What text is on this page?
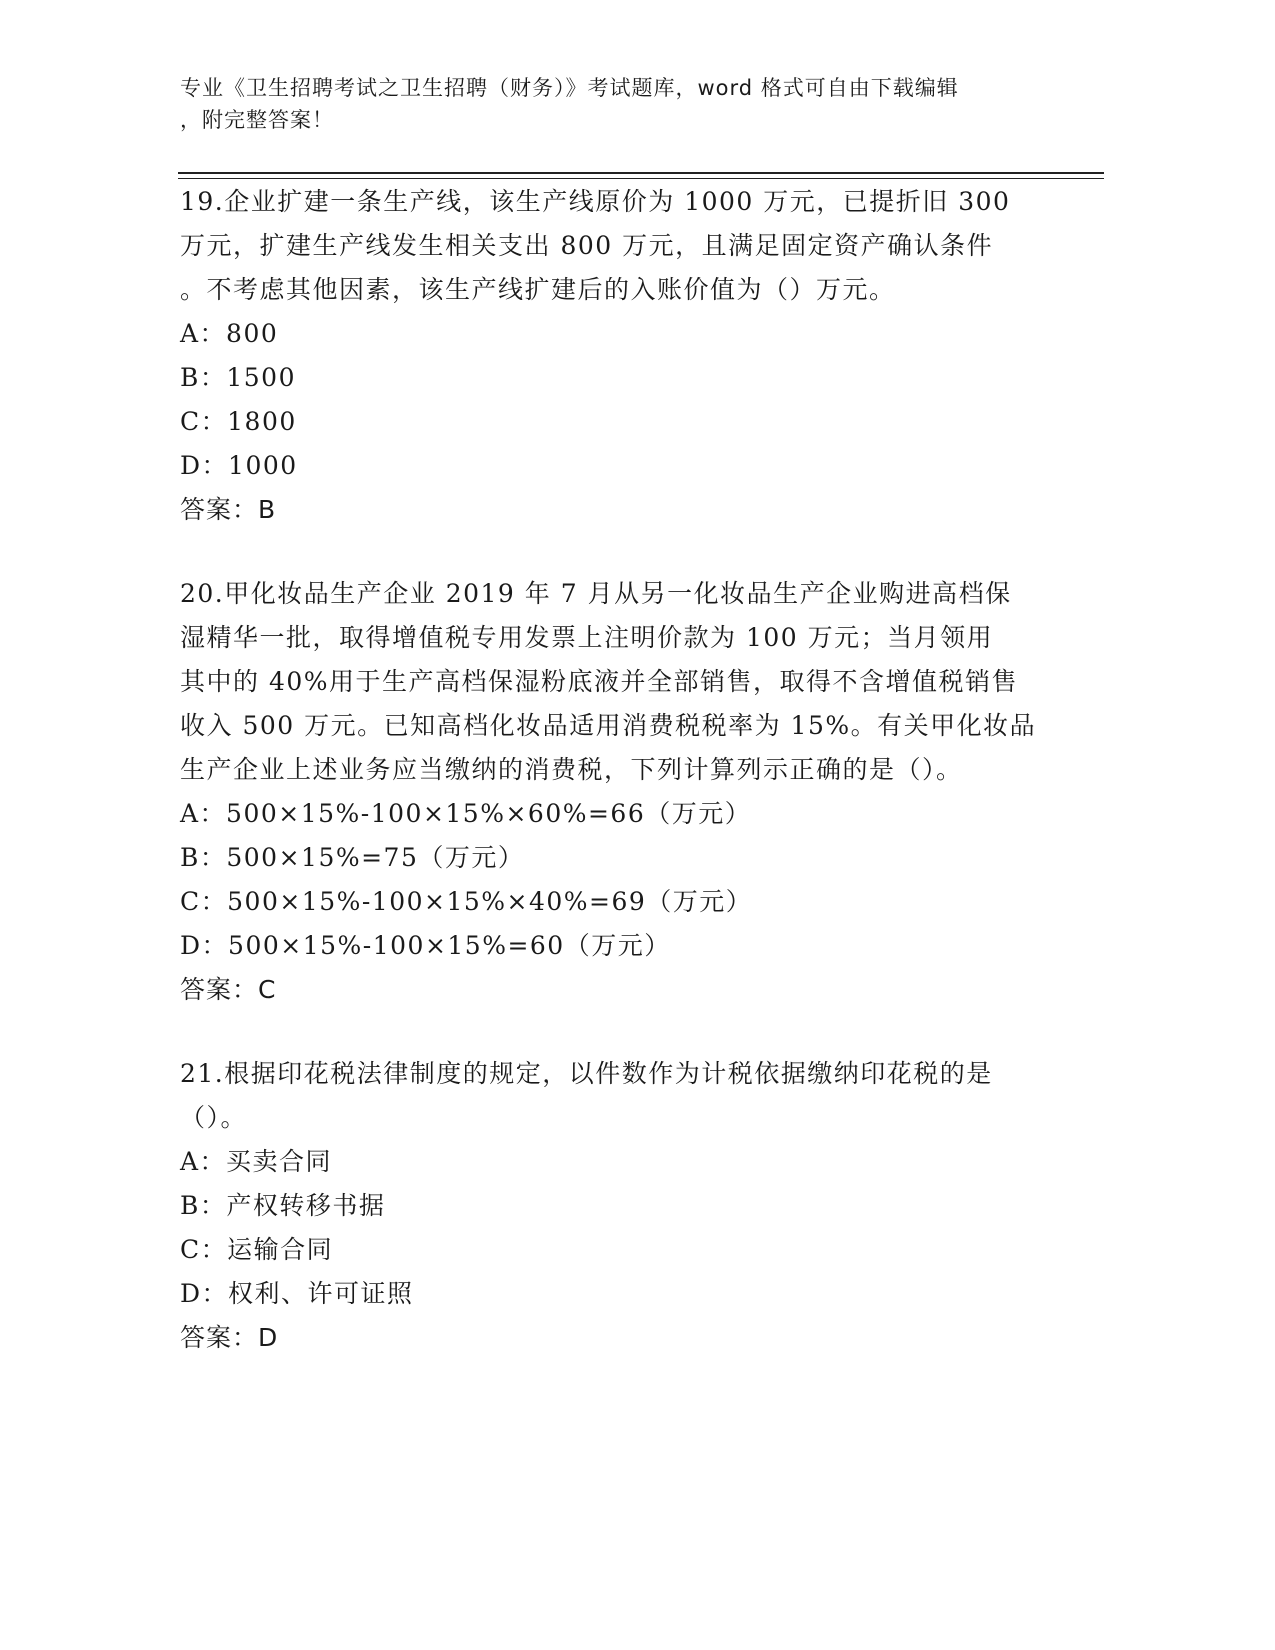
专业《卫生招聘考试之卫生招聘（财务）》考试题库，word 格式可自由下载编辑
，附完整答案！
19.企业扩建一条生产线，该生产线原价为 1000 万元，已提折旧 300
万元，扩建生产线发生相关支出 800 万元，且满足固定资产确认条件
。不考虑其他因素，该生产线扩建后的入账价值为（）万元。
A：800
B：1500
C：1800
D：1000
答案：B
20.甲化妆品生产企业 2019 年 7 月从另一化妆品生产企业购进高档保
湿精华一批，取得增值税专用发票上注明价款为 100 万元；当月领用
其中的 40%用于生产高档保湿粉底液并全部销售，取得不含增值税销售
收入 500 万元。已知高档化妆品适用消费税税率为 15%。有关甲化妆品
生产企业上述业务应当缴纳的消费税，下列计算列示正确的是（）。
A：500×15%-100×15%×60%=66（万元）
B：500×15%=75（万元）
C：500×15%-100×15%×40%=69（万元）
D：500×15%-100×15%=60（万元）
答案：C
21.根据印花税法律制度的规定，以件数作为计税依据缴纳印花税的是
（）。
A：买卖合同
B：产权转移书据
C：运输合同
D：权利、许可证照
答案：D
